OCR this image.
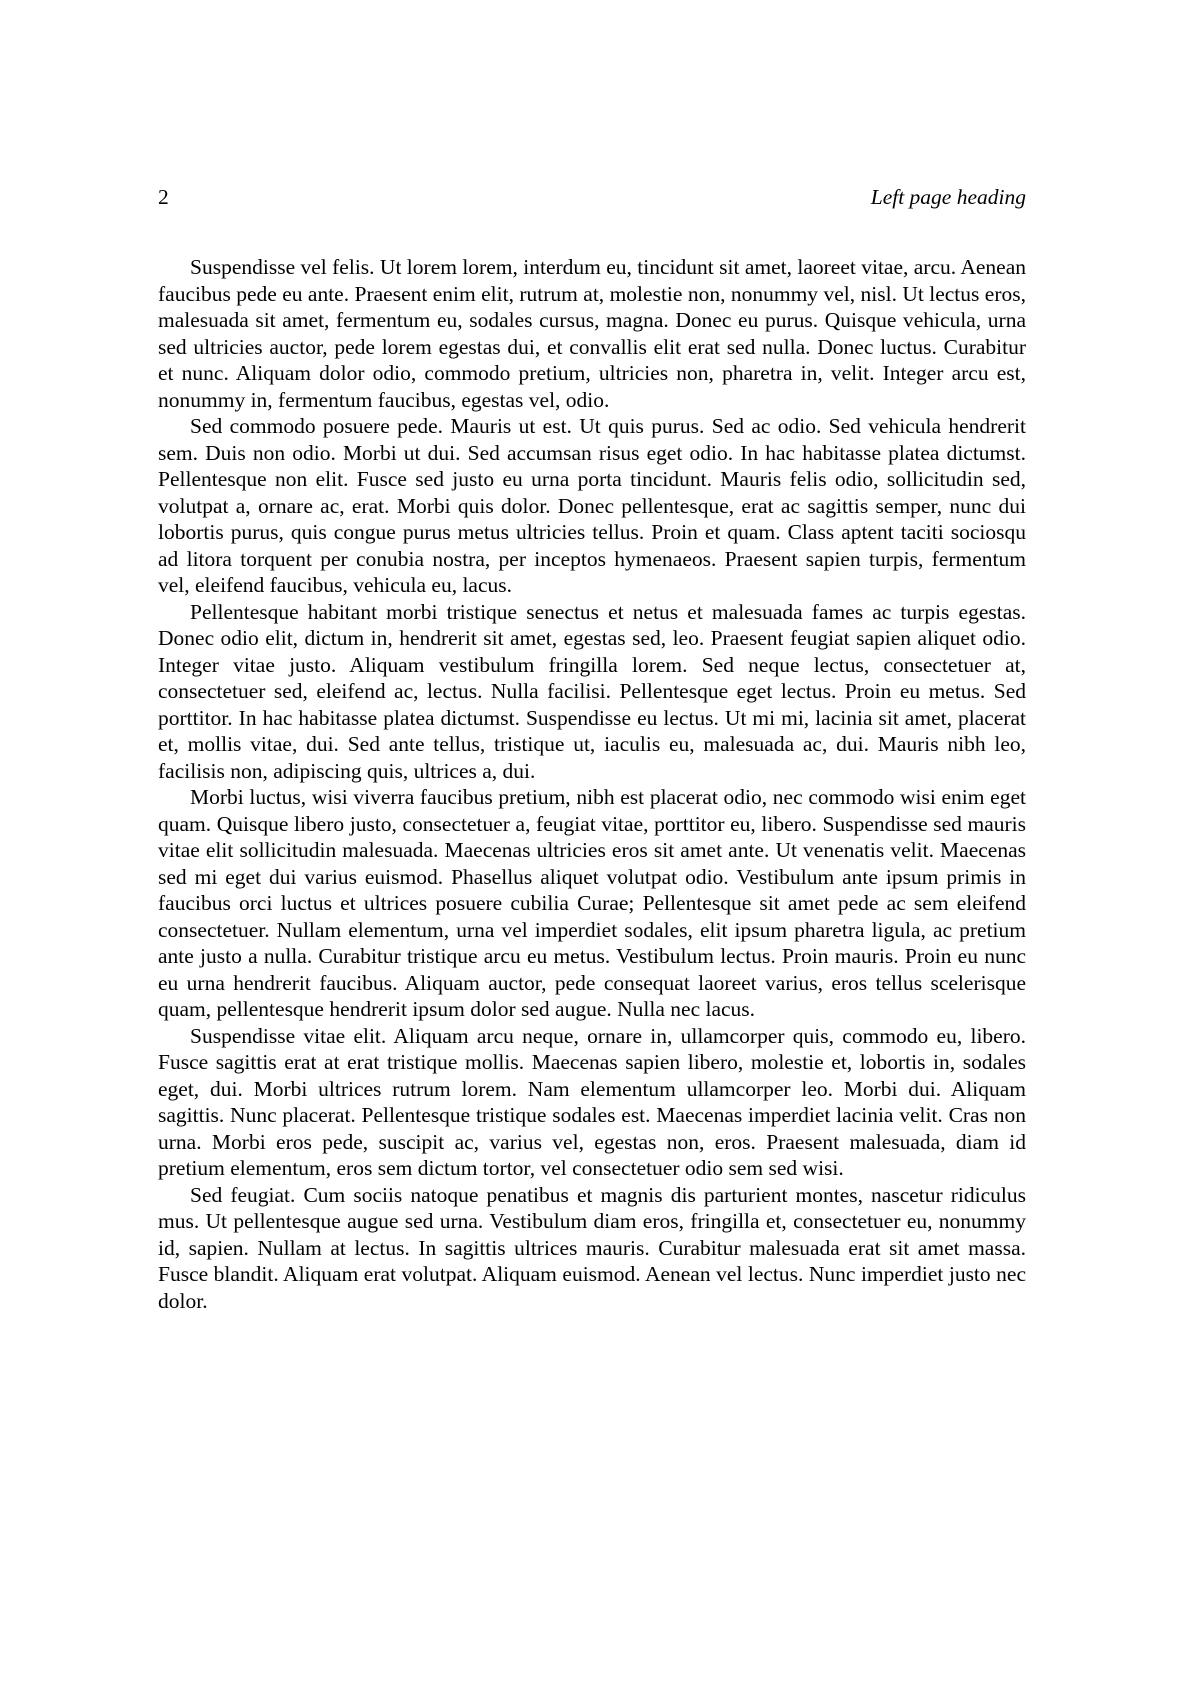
2	Left page heading

Suspendisse vel felis. Ut lorem lorem, interdum eu, tincidunt sit amet, laoreet vitae, arcu. Aenean faucibus pede eu ante. Praesent enim elit, rutrum at, molestie non, nonummy vel, nisl. Ut lectus eros, malesuada sit amet, fermentum eu, sodales cursus, magna. Donec eu purus. Quisque vehicula, urna sed ultricies auctor, pede lorem egestas dui, et convallis elit erat sed nulla. Donec luctus. Curabitur et nunc. Aliquam dolor odio, commodo pretium, ultricies non, pharetra in, velit. Integer arcu est, nonummy in, fermentum faucibus, egestas vel, odio.

Sed commodo posuere pede. Mauris ut est. Ut quis purus. Sed ac odio. Sed vehicula hendrerit sem. Duis non odio. Morbi ut dui. Sed accumsan risus eget odio. In hac habitasse platea dictumst. Pellentesque non elit. Fusce sed justo eu urna porta tincidunt. Mauris felis odio, sollicitudin sed, volutpat a, ornare ac, erat. Morbi quis dolor. Donec pellentesque, erat ac sagittis semper, nunc dui lobortis purus, quis congue purus metus ultricies tellus. Proin et quam. Class aptent taciti sociosqu ad litora torquent per conubia nostra, per inceptos hymenaeos. Praesent sapien turpis, fermentum vel, eleifend faucibus, vehicula eu, lacus.

Pellentesque habitant morbi tristique senectus et netus et malesuada fames ac turpis egestas. Donec odio elit, dictum in, hendrerit sit amet, egestas sed, leo. Praesent feugiat sapien aliquet odio. Integer vitae justo. Aliquam vestibulum fringilla lorem. Sed neque lectus, consectetuer at, consectetuer sed, eleifend ac, lectus. Nulla facilisi. Pellentesque eget lectus. Proin eu metus. Sed porttitor. In hac habitasse platea dictumst. Suspendisse eu lectus. Ut mi mi, lacinia sit amet, placerat et, mollis vitae, dui. Sed ante tellus, tristique ut, iaculis eu, malesuada ac, dui. Mauris nibh leo, facilisis non, adipiscing quis, ultrices a, dui.

Morbi luctus, wisi viverra faucibus pretium, nibh est placerat odio, nec commodo wisi enim eget quam. Quisque libero justo, consectetuer a, feugiat vitae, porttitor eu, libero. Suspendisse sed mauris vitae elit sollicitudin malesuada. Maecenas ultricies eros sit amet ante. Ut venenatis velit. Maecenas sed mi eget dui varius euismod. Phasellus aliquet volutpat odio. Vestibulum ante ipsum primis in faucibus orci luctus et ultrices posuere cubilia Curae; Pellentesque sit amet pede ac sem eleifend consectetuer. Nullam elementum, urna vel imperdiet sodales, elit ipsum pharetra ligula, ac pretium ante justo a nulla. Curabitur tristique arcu eu metus. Vestibulum lectus. Proin mauris. Proin eu nunc eu urna hendrerit faucibus. Aliquam auctor, pede consequat laoreet varius, eros tellus scelerisque quam, pellentesque hendrerit ipsum dolor sed augue. Nulla nec lacus.

Suspendisse vitae elit. Aliquam arcu neque, ornare in, ullamcorper quis, commodo eu, libero. Fusce sagittis erat at erat tristique mollis. Maecenas sapien libero, molestie et, lobortis in, sodales eget, dui. Morbi ultrices rutrum lorem. Nam elementum ullamcorper leo. Morbi dui. Aliquam sagittis. Nunc placerat. Pellentesque tristique sodales est. Maecenas imperdiet lacinia velit. Cras non urna. Morbi eros pede, suscipit ac, varius vel, egestas non, eros. Praesent malesuada, diam id pretium elementum, eros sem dictum tortor, vel consectetuer odio sem sed wisi.

Sed feugiat. Cum sociis natoque penatibus et magnis dis parturient montes, nascetur ridiculus mus. Ut pellentesque augue sed urna. Vestibulum diam eros, fringilla et, consectetuer eu, nonummy id, sapien. Nullam at lectus. In sagittis ultrices mauris. Curabitur malesuada erat sit amet massa. Fusce blandit. Aliquam erat volutpat. Aliquam euismod. Aenean vel lectus. Nunc imperdiet justo nec dolor.
